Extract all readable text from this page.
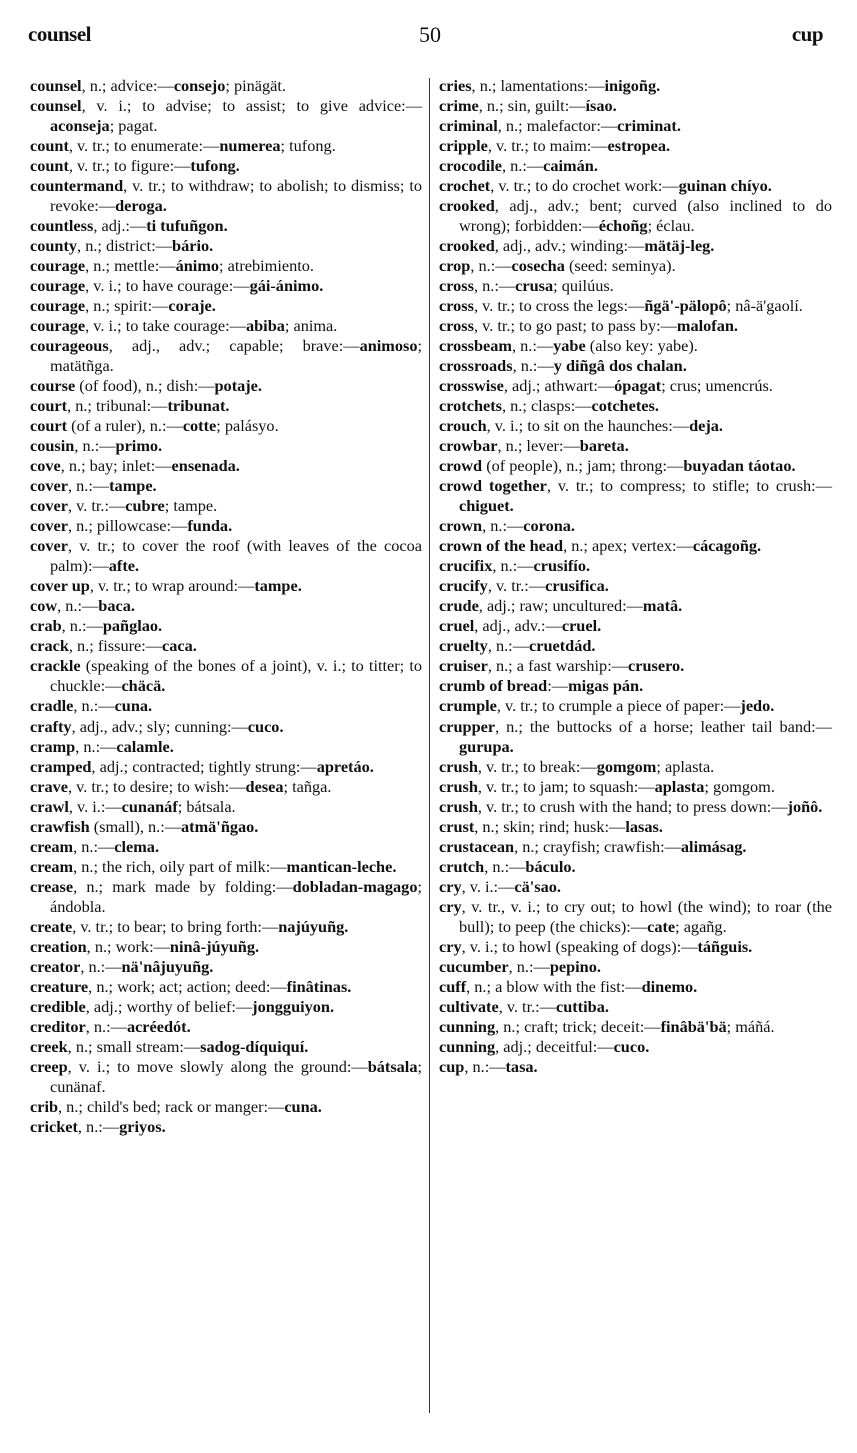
counsel	50	cup

counsel, n.; advice:—consejo; pinägät.

counsel, v. i.; to advise; to assist; to give advice:—aconseja; pagat.

count, v. tr.; to enumerate:—numerea; tufong.

count, v. tr.; to figure:—tufong.

countermand, v. tr.; to withdraw; to abolish; to dismiss; to revoke:—deroga.

countless, adj.:—ti tufuñgon.

county, n.; district:—bário.

courage, n.; mettle:—ánimo; atrebimiento.

courage, v. i.; to have courage:—gái-ánimo.

courage, n.; spirit:—coraje.

courage, v. i.; to take courage:—abiba; anima.

courageous, adj., adv.; capable; brave:—animoso; matätñga.

course (of food), n.; dish:—potaje.

court, n.; tribunal:—tribunat.

court (of a ruler), n.:—cotte; palásyo.

cousin, n.:—primo.

cove, n.; bay; inlet:—ensenada.

cover, n.:—tampe.

cover, v. tr.:—cubre; tampe.

cover, n.; pillowcase:—funda.

cover, v. tr.; to cover the roof (with leaves of the cocoa palm):—afte.

cover up, v. tr.; to wrap around:—tampe.

cow, n.:—baca.

crab, n.:—pañglao.

crack, n.; fissure:—caca.

crackle (speaking of the bones of a joint), v. i.; to titter; to chuckle:—chäcä.

cradle, n.:—cuna.

crafty, adj., adv.; sly; cunning:—cuco.

cramp, n.:—calamle.

cramped, adj.; contracted; tightly strung:—apretáo.

crave, v. tr.; to desire; to wish:—desea; tañga.

crawl, v. i.:—cunanáf; bátsala.

crawfish (small), n.:—atmä'ñgao.

cream, n.:—clema.

cream, n.; the rich, oily part of milk:—mantican-leche.

crease, n.; mark made by folding:—dobladan-magago; ándobla.

create, v. tr.; to bear; to bring forth:—najúyuñg.

creation, n.; work:—ninâ-júyuñg.

creator, n.:—nä'nâjuyuñg.

creature, n.; work; act; action; deed:—finâtinas.

credible, adj.; worthy of belief:—jongguiyon.

creditor, n.:—acréedót.

creek, n.; small stream:—sadog-díquiquí.

creep, v. i.; to move slowly along the ground:—bátsala; cunänaf.

crib, n.; child's bed; rack or manger:—cuna.

cricket, n.:—griyos.

cries, n.; lamentations:—inigoñg.

crime, n.; sin, guilt:—ísao.

criminal, n.; malefactor:—criminat.

cripple, v. tr.; to maim:—estropea.

crocodile, n.:—caimán.

crochet, v. tr.; to do crochet work:—guinan chíyo.

crooked, adj., adv.; bent; curved (also inclined to do wrong); forbidden:—échoñg; éclau.

crooked, adj., adv.; winding:—mätäj-leg.

crop, n.:—cosecha (seed: seminya).

cross, n.:—crusa; quilúus.

cross, v. tr.; to cross the legs:—ñgä'-pälopô; nâ-ä'gaolí.

cross, v. tr.; to go past; to pass by:—malofan.

crossbeam, n.:—yabe (also key: yabe).

crossroads, n.:—y diñgâ dos chalan.

crosswise, adj.; athwart:—ópagat; crus; umencrús.

crotchets, n.; clasps:—cotchetes.

crouch, v. i.; to sit on the haunches:—deja.

crowbar, n.; lever:—bareta.

crowd (of people), n.; jam; throng:—buyadan táotao.

crowd together, v. tr.; to compress; to stifle; to crush:—chiguet.

crown, n.:—corona.

crown of the head, n.; apex; vertex:—cácagoñg.

crucifix, n.:—crusifío.

crucify, v. tr.:—crusifica.

crude, adj.; raw; uncultured:—matâ.

cruel, adj., adv.:—cruel.

cruelty, n.:—cruetdád.

cruiser, n.; a fast warship:—crusero.

crumb of bread:—migas pán.

crumple, v. tr.; to crumple a piece of paper:—jedo.

crupper, n.; the buttocks of a horse; leather tail band:—gurupa.

crush, v. tr.; to break:—gomgom; aplasta.

crush, v. tr.; to jam; to squash:—aplasta; gomgom.

crush, v. tr.; to crush with the hand; to press down:—joñô.

crust, n.; skin; rind; husk:—lasas.

crustacean, n.; crayfish; crawfish:—alimásag.

crutch, n.:—báculo.

cry, v. i.:—cä'sao.

cry, v. tr., v. i.; to cry out; to howl (the wind); to roar (the bull); to peep (the chicks):—cate; agañg.

cry, v. i.; to howl (speaking of dogs):—táñguis.

cucumber, n.:—pepino.

cuff, n.; a blow with the fist:—dinemo.

cultivate, v. tr.:—cuttiba.

cunning, n.; craft; trick; deceit:—finâbä'bä; máñá.

cunning, adj.; deceitful:—cuco.

cup, n.:—tasa.
